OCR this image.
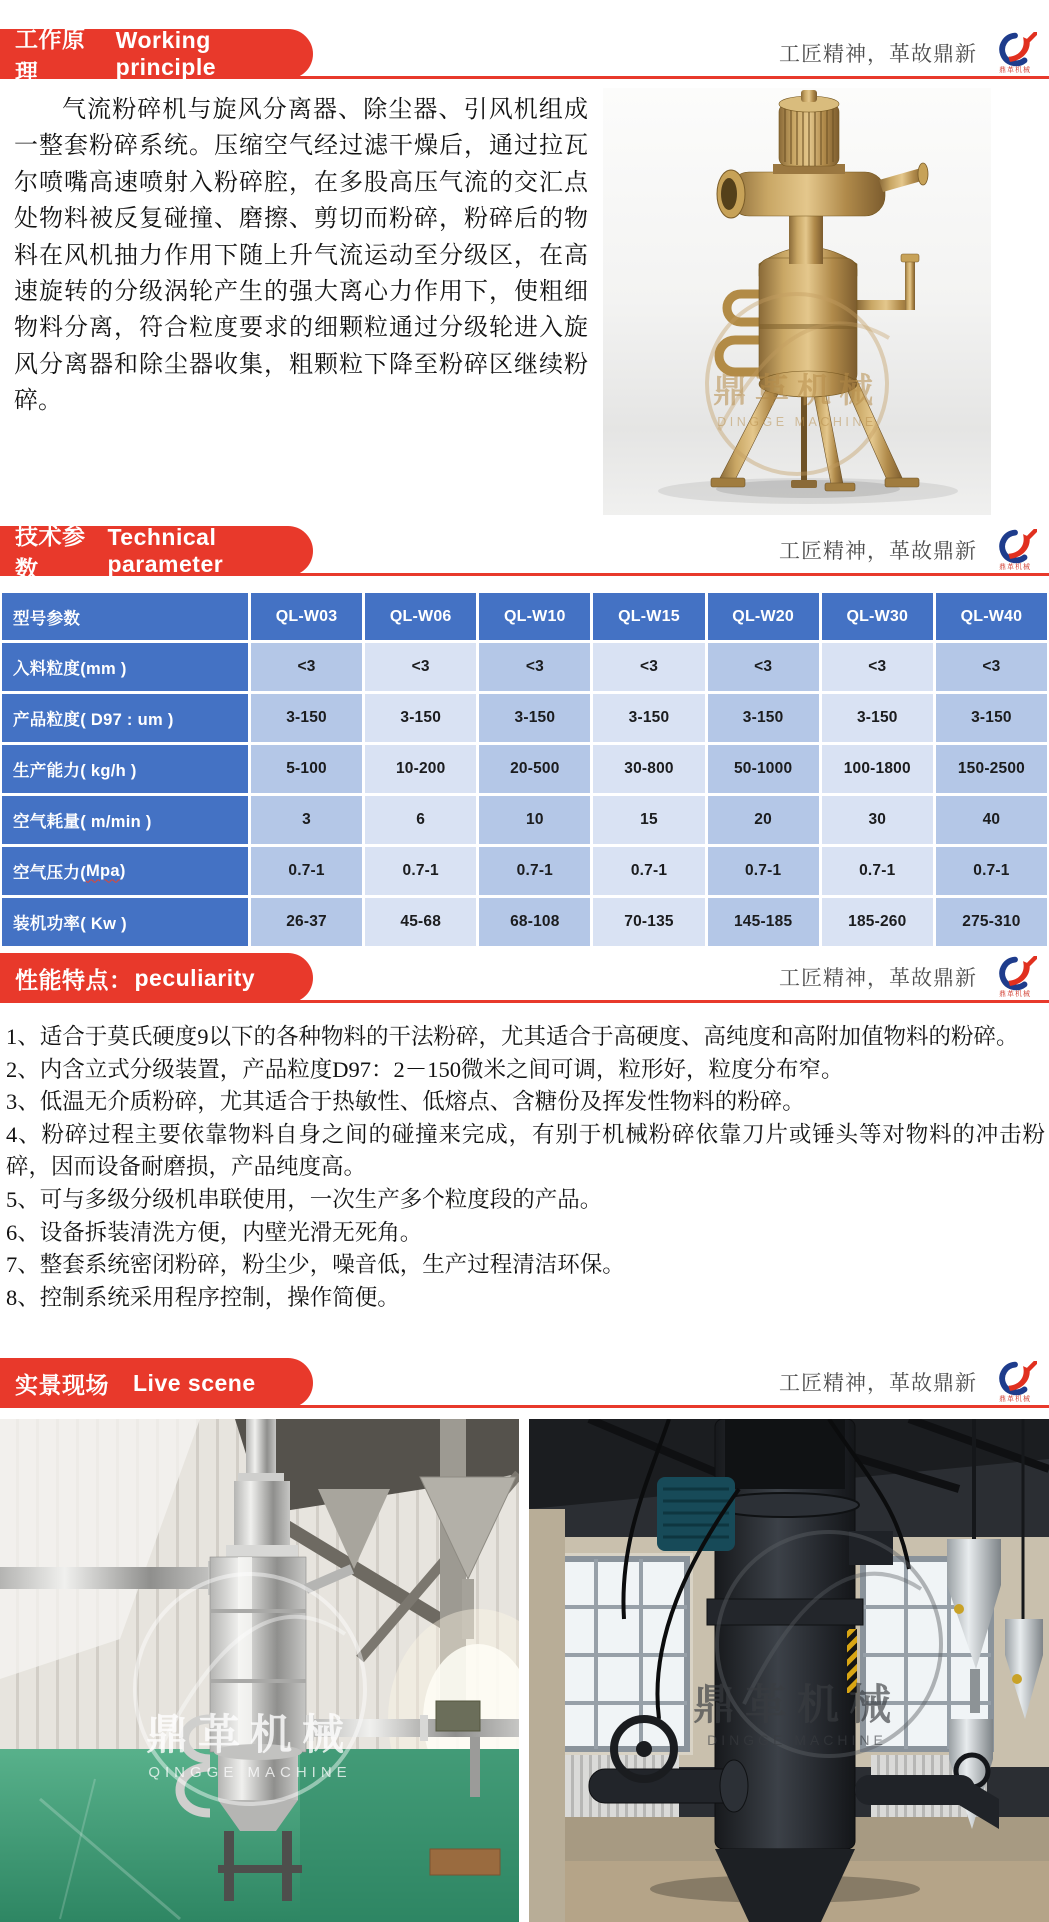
工作原理
Working principle	工匠精神，革故鼎新
鼎革机械

气流粉碎机与旋风分离器、除尘器、引风机组成一整套粉碎系统。压缩空气经过滤干燥后，通过拉瓦尔喷嘴高速喷射入粉碎腔，在多股高压气流的交汇点处物料被反复碰撞、磨擦、剪切而粉碎，粉碎后的物料在风机抽力作用下随上升气流运动至分级区，在高速旋转的分级涡轮产生的强大离心力作用下，使粗细物料分离，符合粒度要求的细颗粒通过分级轮进入旋风分离器和除尘器收集，粗颗粒下降至粉碎区继续粉碎。	鼎革机械
DINGGE MACHINE
技术参数
Technical parameter	工匠精神，革故鼎新
鼎革机械
型号参数	QL-W03	QL-W06	QL-W10	QL-W15	QL-W20	QL-W30	QL-W40
入料粒度(mm )	<3	<3	<3	<3	<3	<3	<3
产品粒度( D97 : um )	3-150	3-150	3-150	3-150	3-150	3-150	3-150
生产能力( kg/h )	5-100	10-200	20-500	30-800	50-1000	100-1800	150-2500
空气耗量( m/min )	3	6	10	15	20	30	40
空气压力( Mpa )	0.7-1	0.7-1	0.7-1	0.7-1	0.7-1	0.7-1	0.7-1
装机功率( Kw )	26-37	45-68	68-108	70-135	145-185	185-260	275-310
性能特点： peculiarity	工匠精神，革故鼎新
鼎革机械
1、适合于莫氏硬度9以下的各种物料的干法粉碎，尤其适合于高硬度、高纯度和高附加值物料的粉碎。
2、内含立式分级装置，产品粒度D97：2－150微米之间可调，粒形好，粒度分布窄。
3、低温无介质粉碎，尤其适合于热敏性、低熔点、含糖份及挥发性物料的粉碎。
4、粉碎过程主要依靠物料自身之间的碰撞来完成，有别于机械粉碎依靠刀片或锤头等对物料的冲击粉碎，因而设备耐磨损，产品纯度高。
5、可与多级分级机串联使用，一次生产多个粒度段的产品。
6、设备拆装清洗方便，内壁光滑无死角。
7、整套系统密闭粉碎，粉尘少，噪音低，生产过程清洁环保。
8、控制系统采用程序控制，操作简便。
实景现场 Live scene	工匠精神，革故鼎新
鼎革机械
鼎革机械
QINGGE MACHINE
鼎革机械
DINGGE MACHINE
